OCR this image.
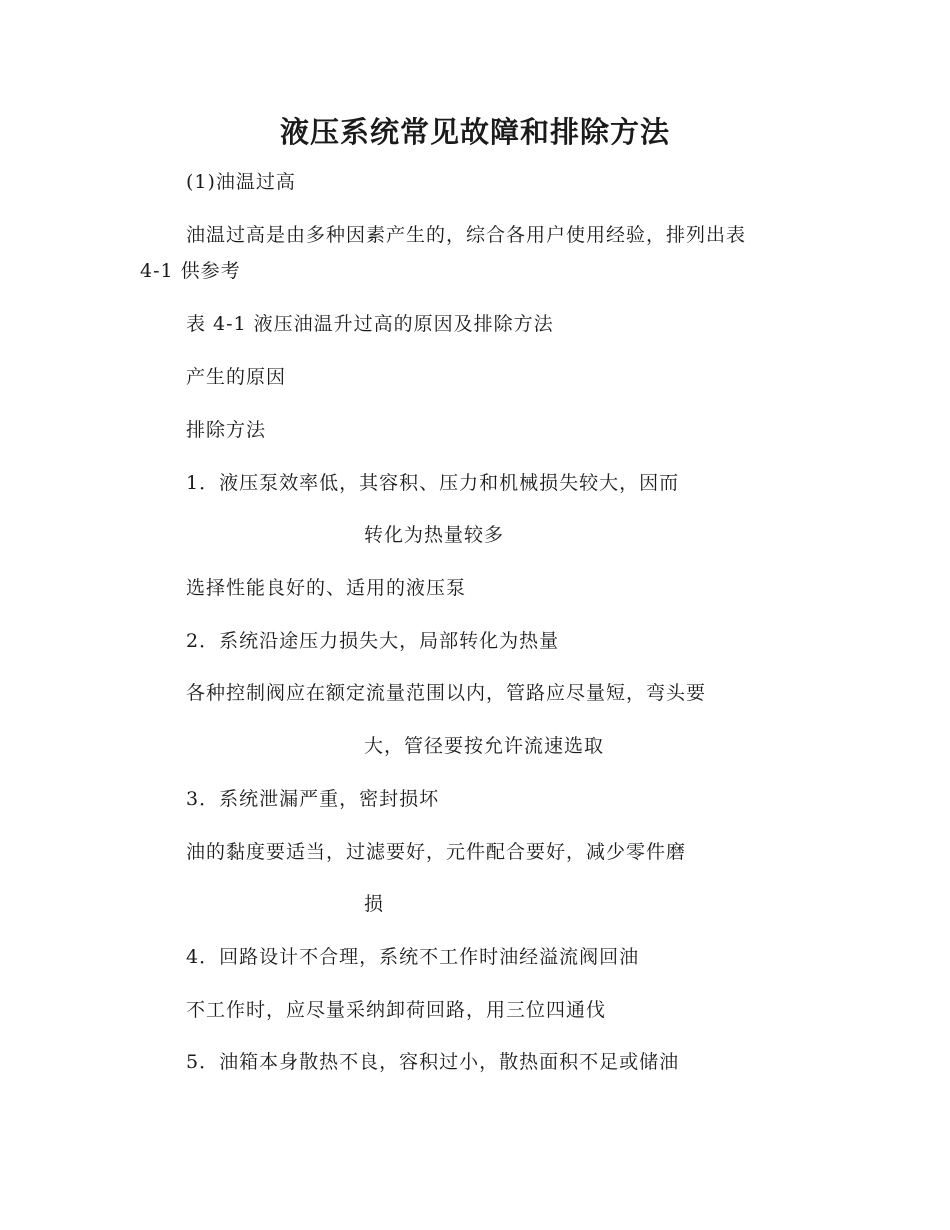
液压系统常见故障和排除方法
(1)油温过高
油温过高是由多种因素产生的，综合各用户使用经验，排列出表
4-1 供参考
表 4-1 液压油温升过高的原因及排除方法
产生的原因
排除方法
1．液压泵效率低，其容积、压力和机械损失较大，因而
转化为热量较多
选择性能良好的、适用的液压泵
2．系统沿途压力损失大，局部转化为热量
各种控制阀应在额定流量范围以内，管路应尽量短，弯头要
大，管径要按允许流速选取
3．系统泄漏严重，密封损坏
油的黏度要适当，过滤要好，元件配合要好，减少零件磨
损
4．回路设计不合理，系统不工作时油经溢流阀回油
不工作时，应尽量采纳卸荷回路，用三位四通伐
5．油箱本身散热不良，容积过小，散热面积不足或储油
